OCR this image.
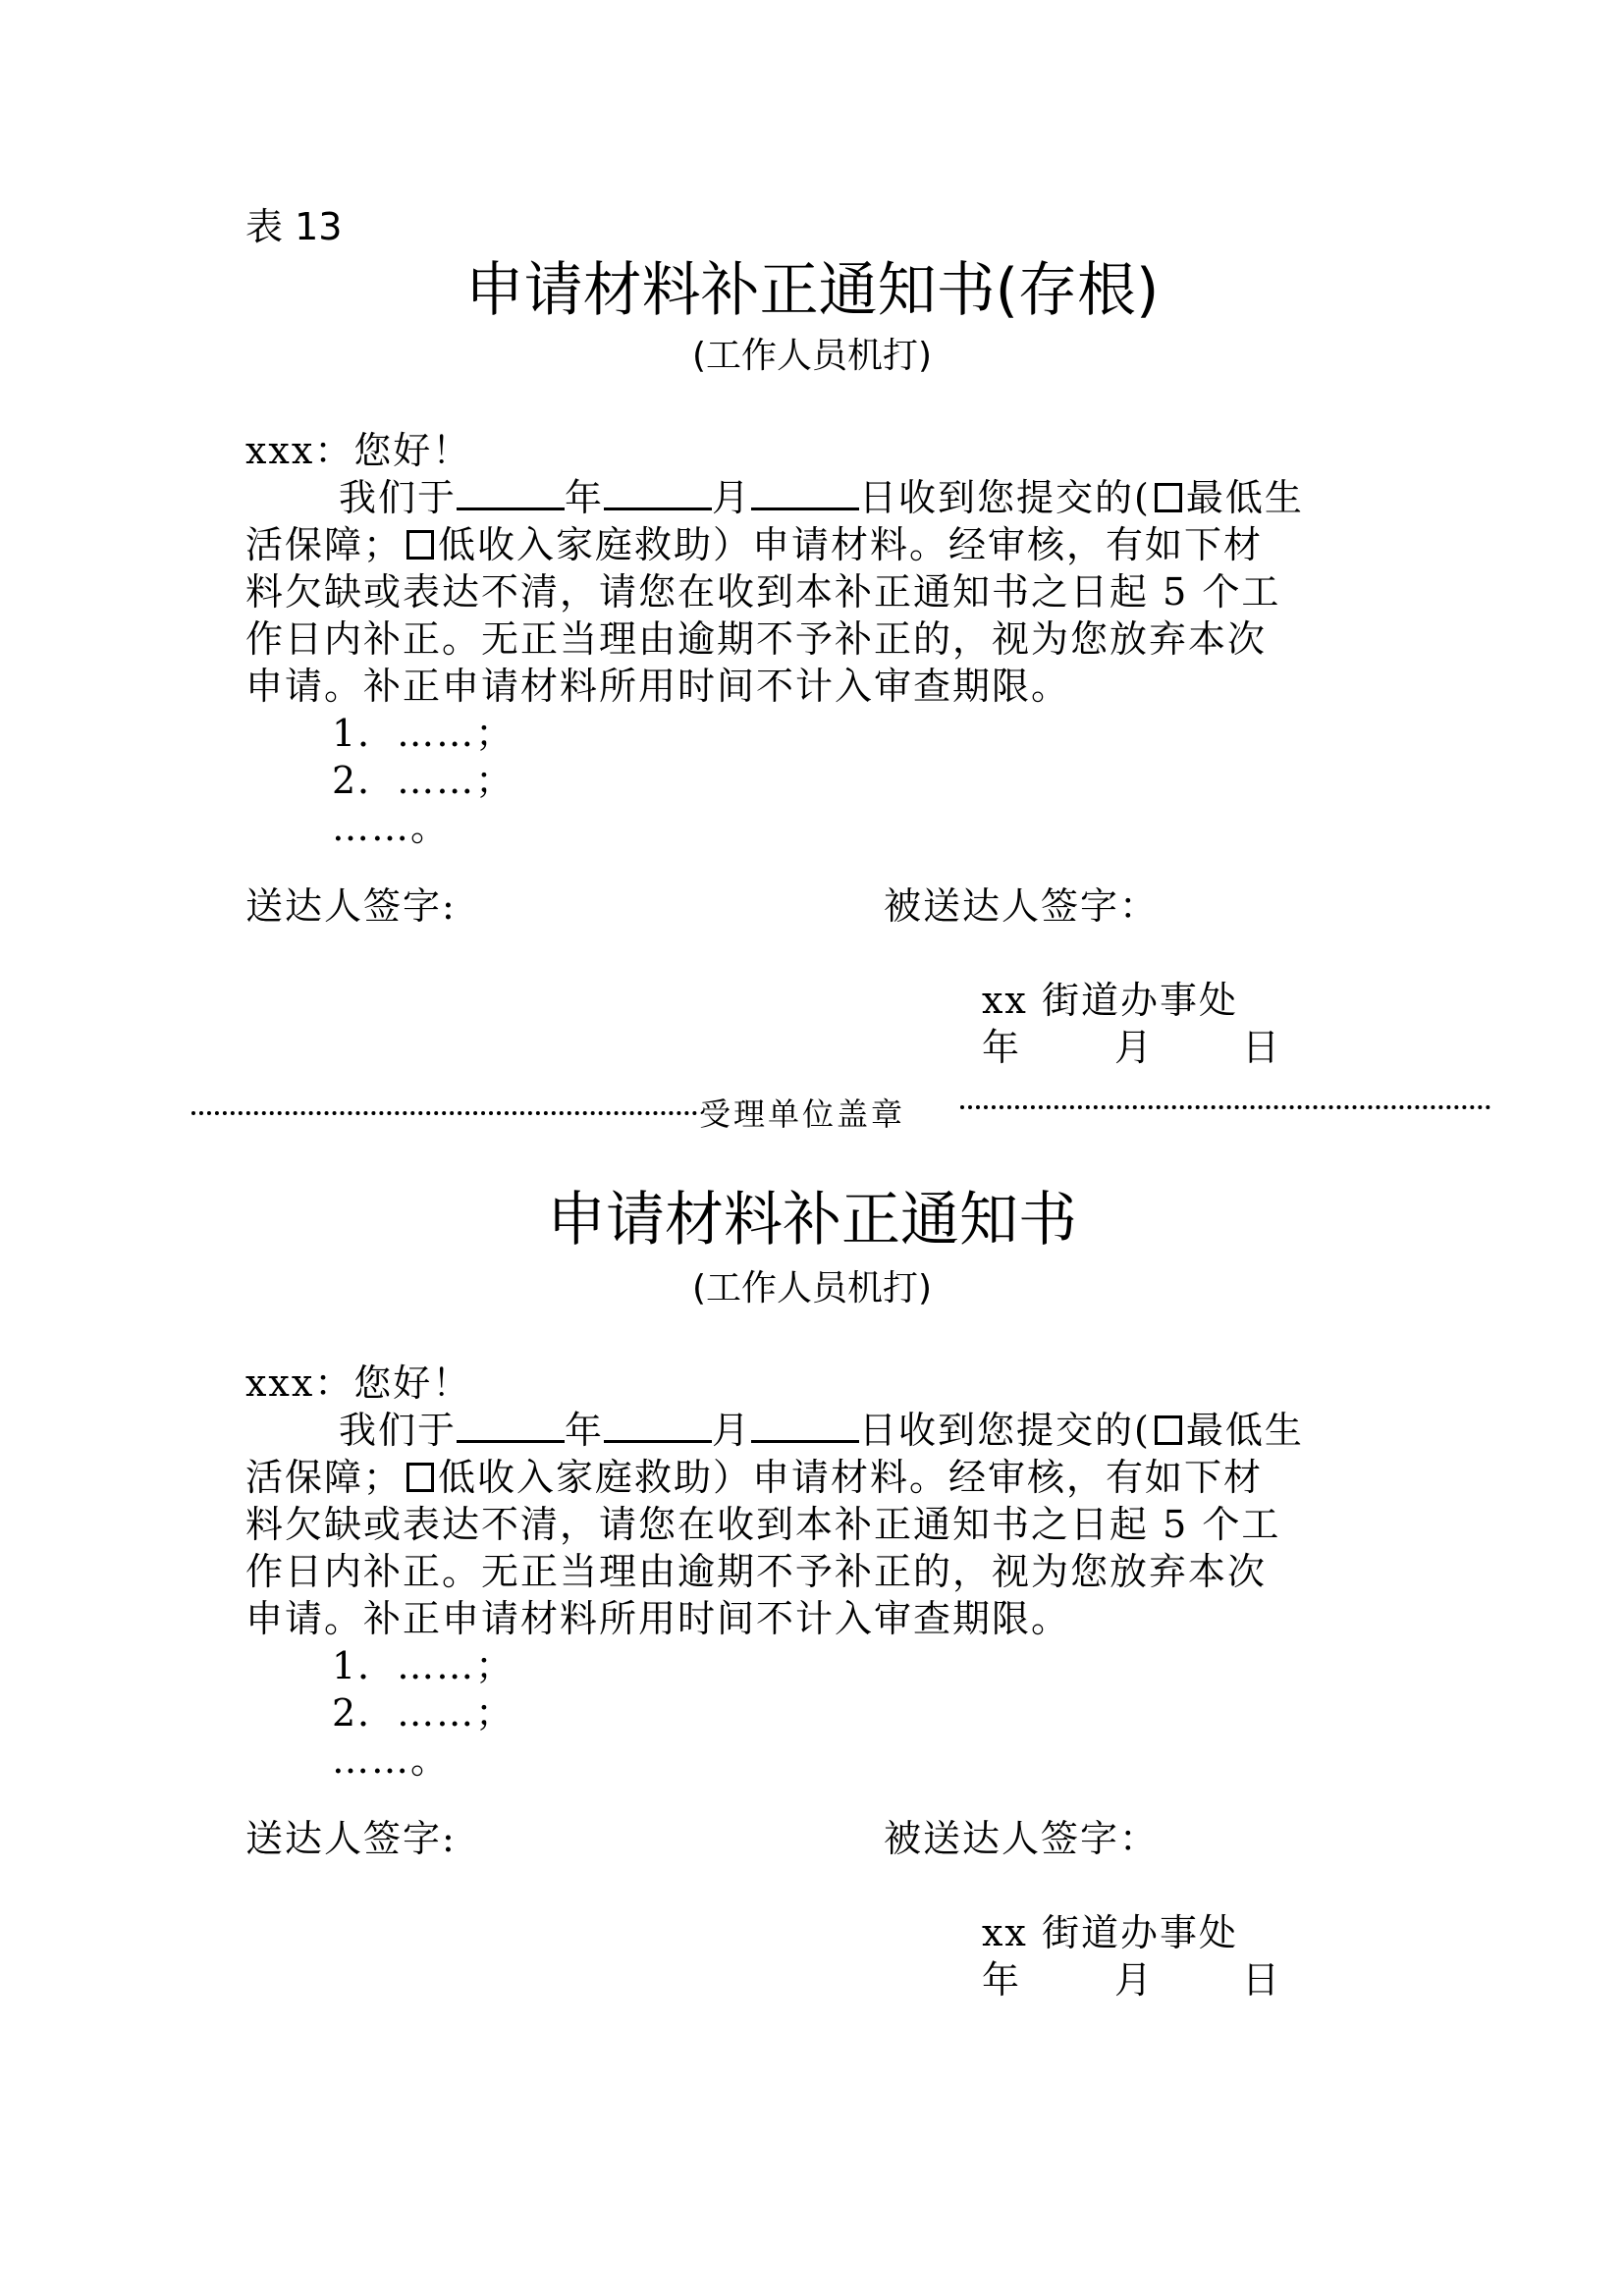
表 13
申请材料补正通知书(存根)
(工作人员机打)
xxx：您好！
我们于	年	月	日收到您提交的( 最低生
活保障； 低收入家庭救助）申请材料。经审核，有如下材
料欠缺或表达不清，请您在收到本补正通知书之日起 5 个工
作日内补正。无正当理由逾期不予补正的，视为您放弃本次
申请。补正申请材料所用时间不计入审查期限。
1．……；
2．……；
……。
送达人签字:	被送达人签字：
xx 街道办事处
年 月 日
受理单位盖章
申请材料补正通知书
(工作人员机打)
xxx：您好！
我们于	年	月	日收到您提交的( 最低生
活保障； 低收入家庭救助）申请材料。经审核，有如下材
料欠缺或表达不清，请您在收到本补正通知书之日起 5 个工
作日内补正。无正当理由逾期不予补正的，视为您放弃本次
申请。补正申请材料所用时间不计入审查期限。
1．……；
2．……；
……。
送达人签字:	被送达人签字：
xx 街道办事处
年 月 日
